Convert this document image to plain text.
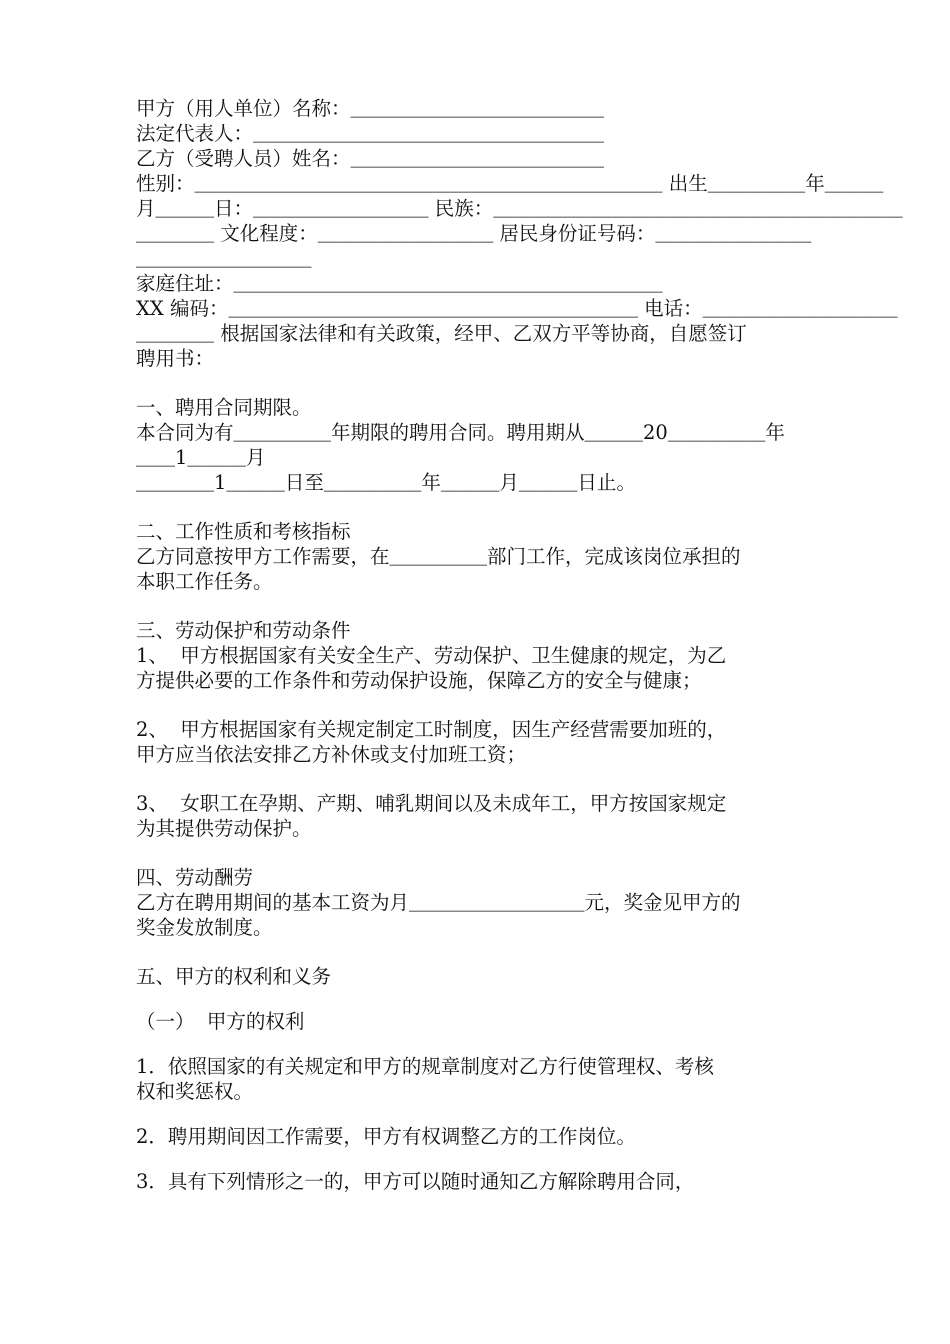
甲方（用人单位）名称：＿＿＿＿＿＿＿＿＿＿＿＿＿
法定代表人：＿＿＿＿＿＿＿＿＿＿＿＿＿＿＿＿＿＿
乙方（受聘人员）姓名：＿＿＿＿＿＿＿＿＿＿＿＿＿
性别：＿＿＿＿＿＿＿＿＿＿＿＿＿＿＿＿＿＿＿＿＿＿＿＿ 出生＿＿＿＿＿年＿＿＿
月＿＿＿日：＿＿＿＿＿＿＿＿＿ 民族：＿＿＿＿＿＿＿＿＿＿＿＿＿＿＿＿＿＿＿＿＿
＿＿＿＿ 文化程度：＿＿＿＿＿＿＿＿＿ 居民身份证号码：＿＿＿＿＿＿＿＿
＿＿＿＿＿＿＿＿＿
家庭住址：＿＿＿＿＿＿＿＿＿＿＿＿＿＿＿＿＿＿＿＿＿＿
XX 编码：＿＿＿＿＿＿＿＿＿＿＿＿＿＿＿＿＿＿＿＿＿ 电话：＿＿＿＿＿＿＿＿＿＿
＿＿＿＿ 根据国家法律和有关政策，经甲、乙双方平等协商，自愿签订
聘用书：
一、聘用合同期限。
本合同为有＿＿＿＿＿年期限的聘用合同。聘用期从＿＿＿20＿＿＿＿＿年
＿＿1＿＿＿月
＿＿＿＿1＿＿＿日至＿＿＿＿＿年＿＿＿月＿＿＿日止。
二、工作性质和考核指标
乙方同意按甲方工作需要，在＿＿＿＿＿部门工作，完成该岗位承担的
本职工作任务。
三、劳动保护和劳动条件
1、  甲方根据国家有关安全生产、劳动保护、卫生健康的规定，为乙
方提供必要的工作条件和劳动保护设施，保障乙方的安全与健康；
2、  甲方根据国家有关规定制定工时制度，因生产经营需要加班的，
甲方应当依法安排乙方补休或支付加班工资；
3、  女职工在孕期、产期、哺乳期间以及未成年工，甲方按国家规定
为其提供劳动保护。
四、劳动酬劳
乙方在聘用期间的基本工资为月＿＿＿＿＿＿＿＿＿元，奖金见甲方的
奖金发放制度。
五、甲方的权利和义务
（一）  甲方的权利
1．依照国家的有关规定和甲方的规章制度对乙方行使管理权、考核
权和奖惩权。
2．聘用期间因工作需要，甲方有权调整乙方的工作岗位。
3．具有下列情形之一的，甲方可以随时通知乙方解除聘用合同，
